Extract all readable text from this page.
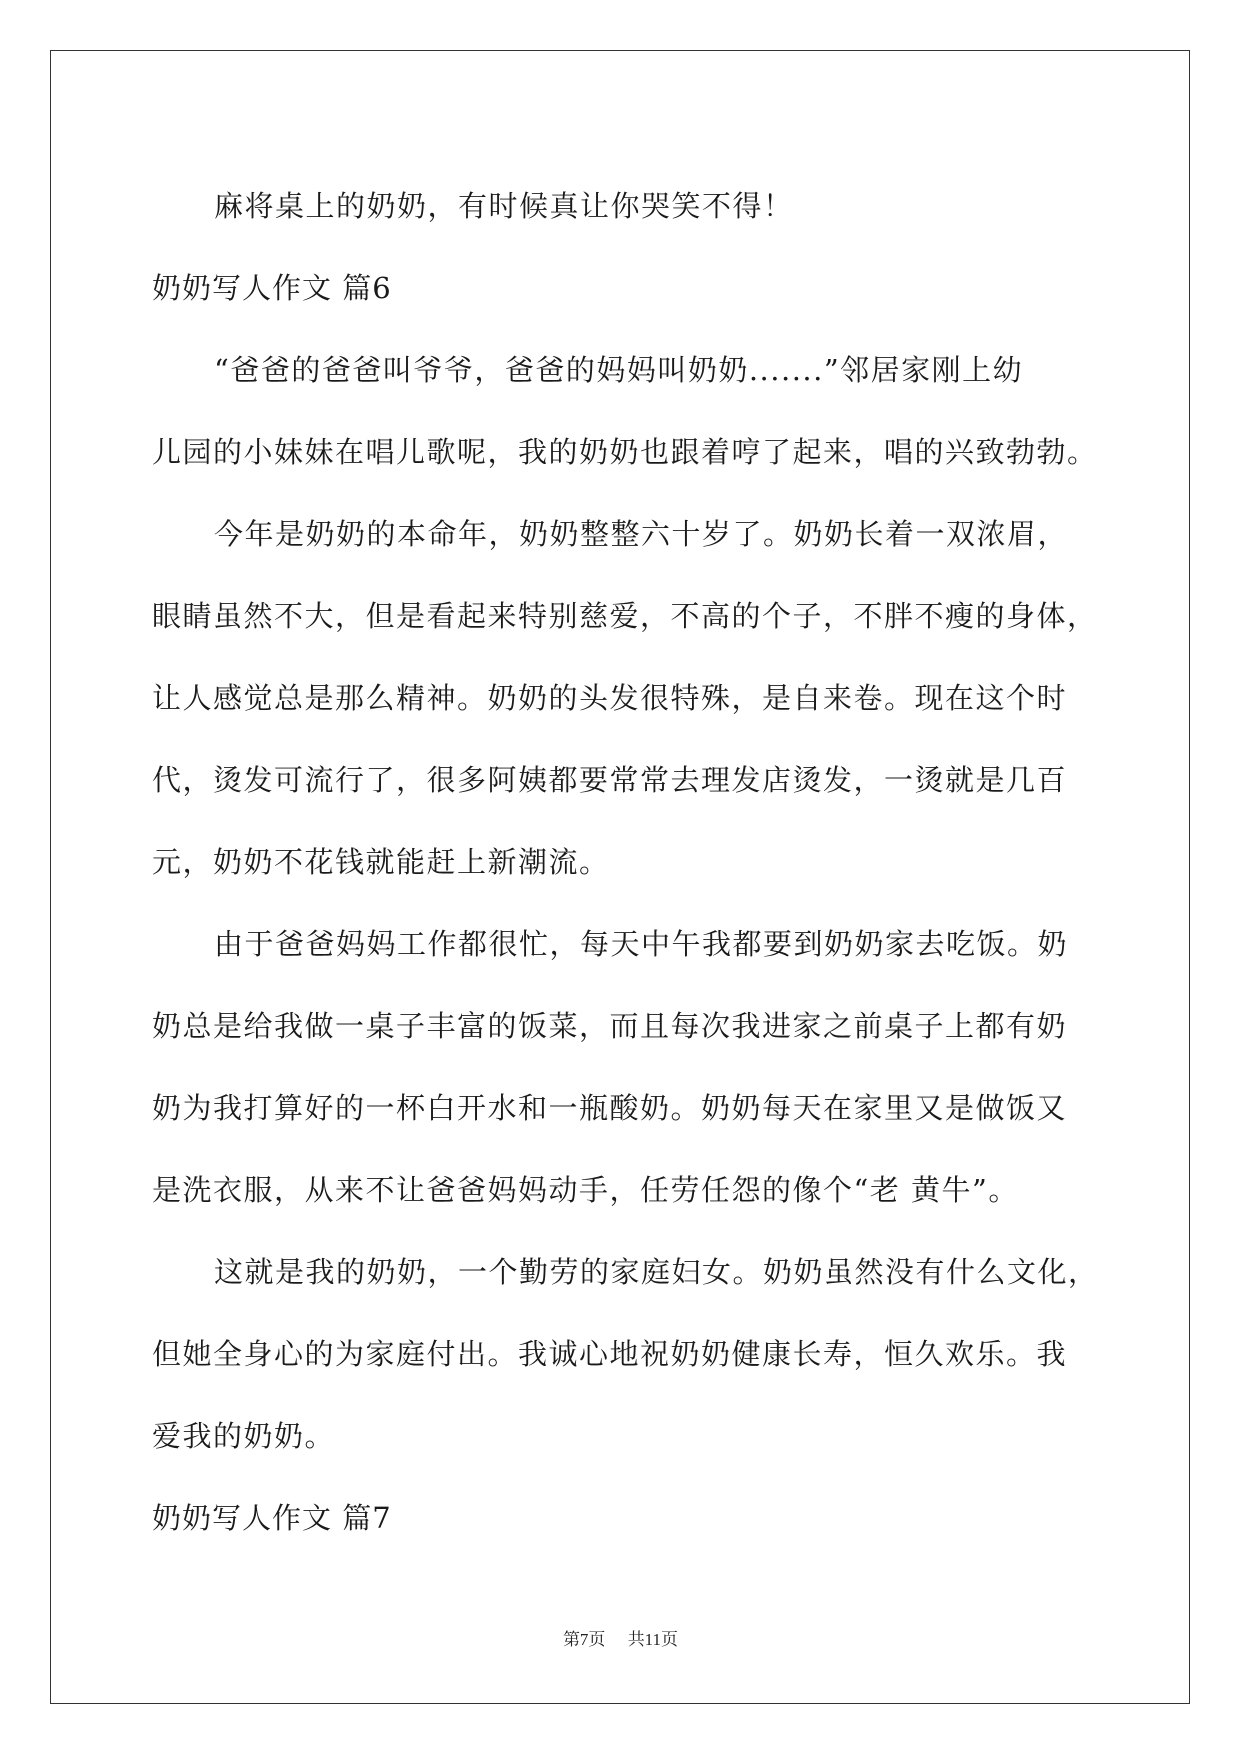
麻将桌上的奶奶，有时候真让你哭笑不得！
奶奶写人作文 篇6
“爸爸的爸爸叫爷爷，爸爸的妈妈叫奶奶.......”邻居家刚上幼
儿园的小妹妹在唱儿歌呢，我的奶奶也跟着哼了起来，唱的兴致勃勃。
今年是奶奶的本命年，奶奶整整六十岁了。奶奶长着一双浓眉，
眼睛虽然不大，但是看起来特别慈爱，不高的个子，不胖不瘦的身体，
让人感觉总是那么精神。奶奶的头发很特殊，是自来卷。现在这个时
代，烫发可流行了，很多阿姨都要常常去理发店烫发，一烫就是几百
元，奶奶不花钱就能赶上新潮流。
由于爸爸妈妈工作都很忙，每天中午我都要到奶奶家去吃饭。奶
奶总是给我做一桌子丰富的饭菜，而且每次我进家之前桌子上都有奶
奶为我打算好的一杯白开水和一瓶酸奶。奶奶每天在家里又是做饭又
是洗衣服，从来不让爸爸妈妈动手，任劳任怨的像个“老 黄牛”。
这就是我的奶奶，一个勤劳的家庭妇女。奶奶虽然没有什么文化，
但她全身心的为家庭付出。我诚心地祝奶奶健康长寿，恒久欢乐。我
爱我的奶奶。
奶奶写人作文 篇7
第7页 共11页
